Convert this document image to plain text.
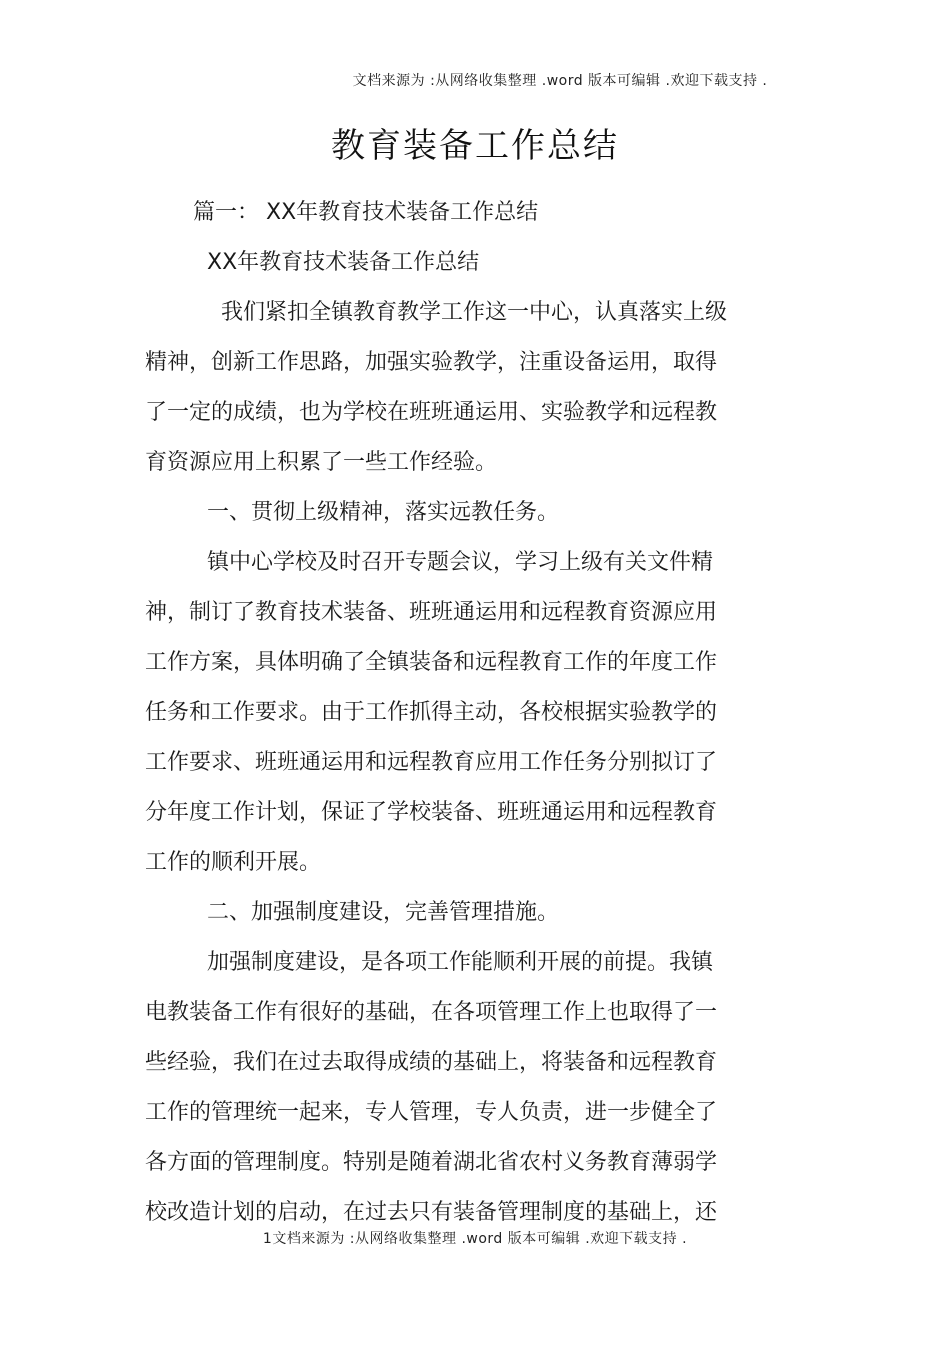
文档来源为 :从网络收集整理 .word 版本可编辑 .欢迎下载支持 .
教育装备工作总结
篇一： XX年教育技术装备工作总结
XX年教育技术装备工作总结
我们紧扣全镇教育教学工作这一中心，认真落实上级
精神，创新工作思路，加强实验教学，注重设备运用，取得
了一定的成绩，也为学校在班班通运用、实验教学和远程教
育资源应用上积累了一些工作经验。
一、贯彻上级精神，落实远教任务。
镇中心学校及时召开专题会议，学习上级有关文件精
神，制订了教育技术装备、班班通运用和远程教育资源应用
工作方案，具体明确了全镇装备和远程教育工作的年度工作
任务和工作要求。由于工作抓得主动，各校根据实验教学的
工作要求、班班通运用和远程教育应用工作任务分别拟订了
分年度工作计划，保证了学校装备、班班通运用和远程教育
工作的顺利开展。
二、加强制度建设，完善管理措施。
加强制度建设，是各项工作能顺利开展的前提。我镇
电教装备工作有很好的基础，在各项管理工作上也取得了一
些经验，我们在过去取得成绩的基础上，将装备和远程教育
工作的管理统一起来，专人管理，专人负责，进一步健全了
各方面的管理制度。特别是随着湖北省农村义务教育薄弱学
校改造计划的启动，在过去只有装备管理制度的基础上，还
1文档来源为 :从网络收集整理 .word 版本可编辑 .欢迎下载支持 .
